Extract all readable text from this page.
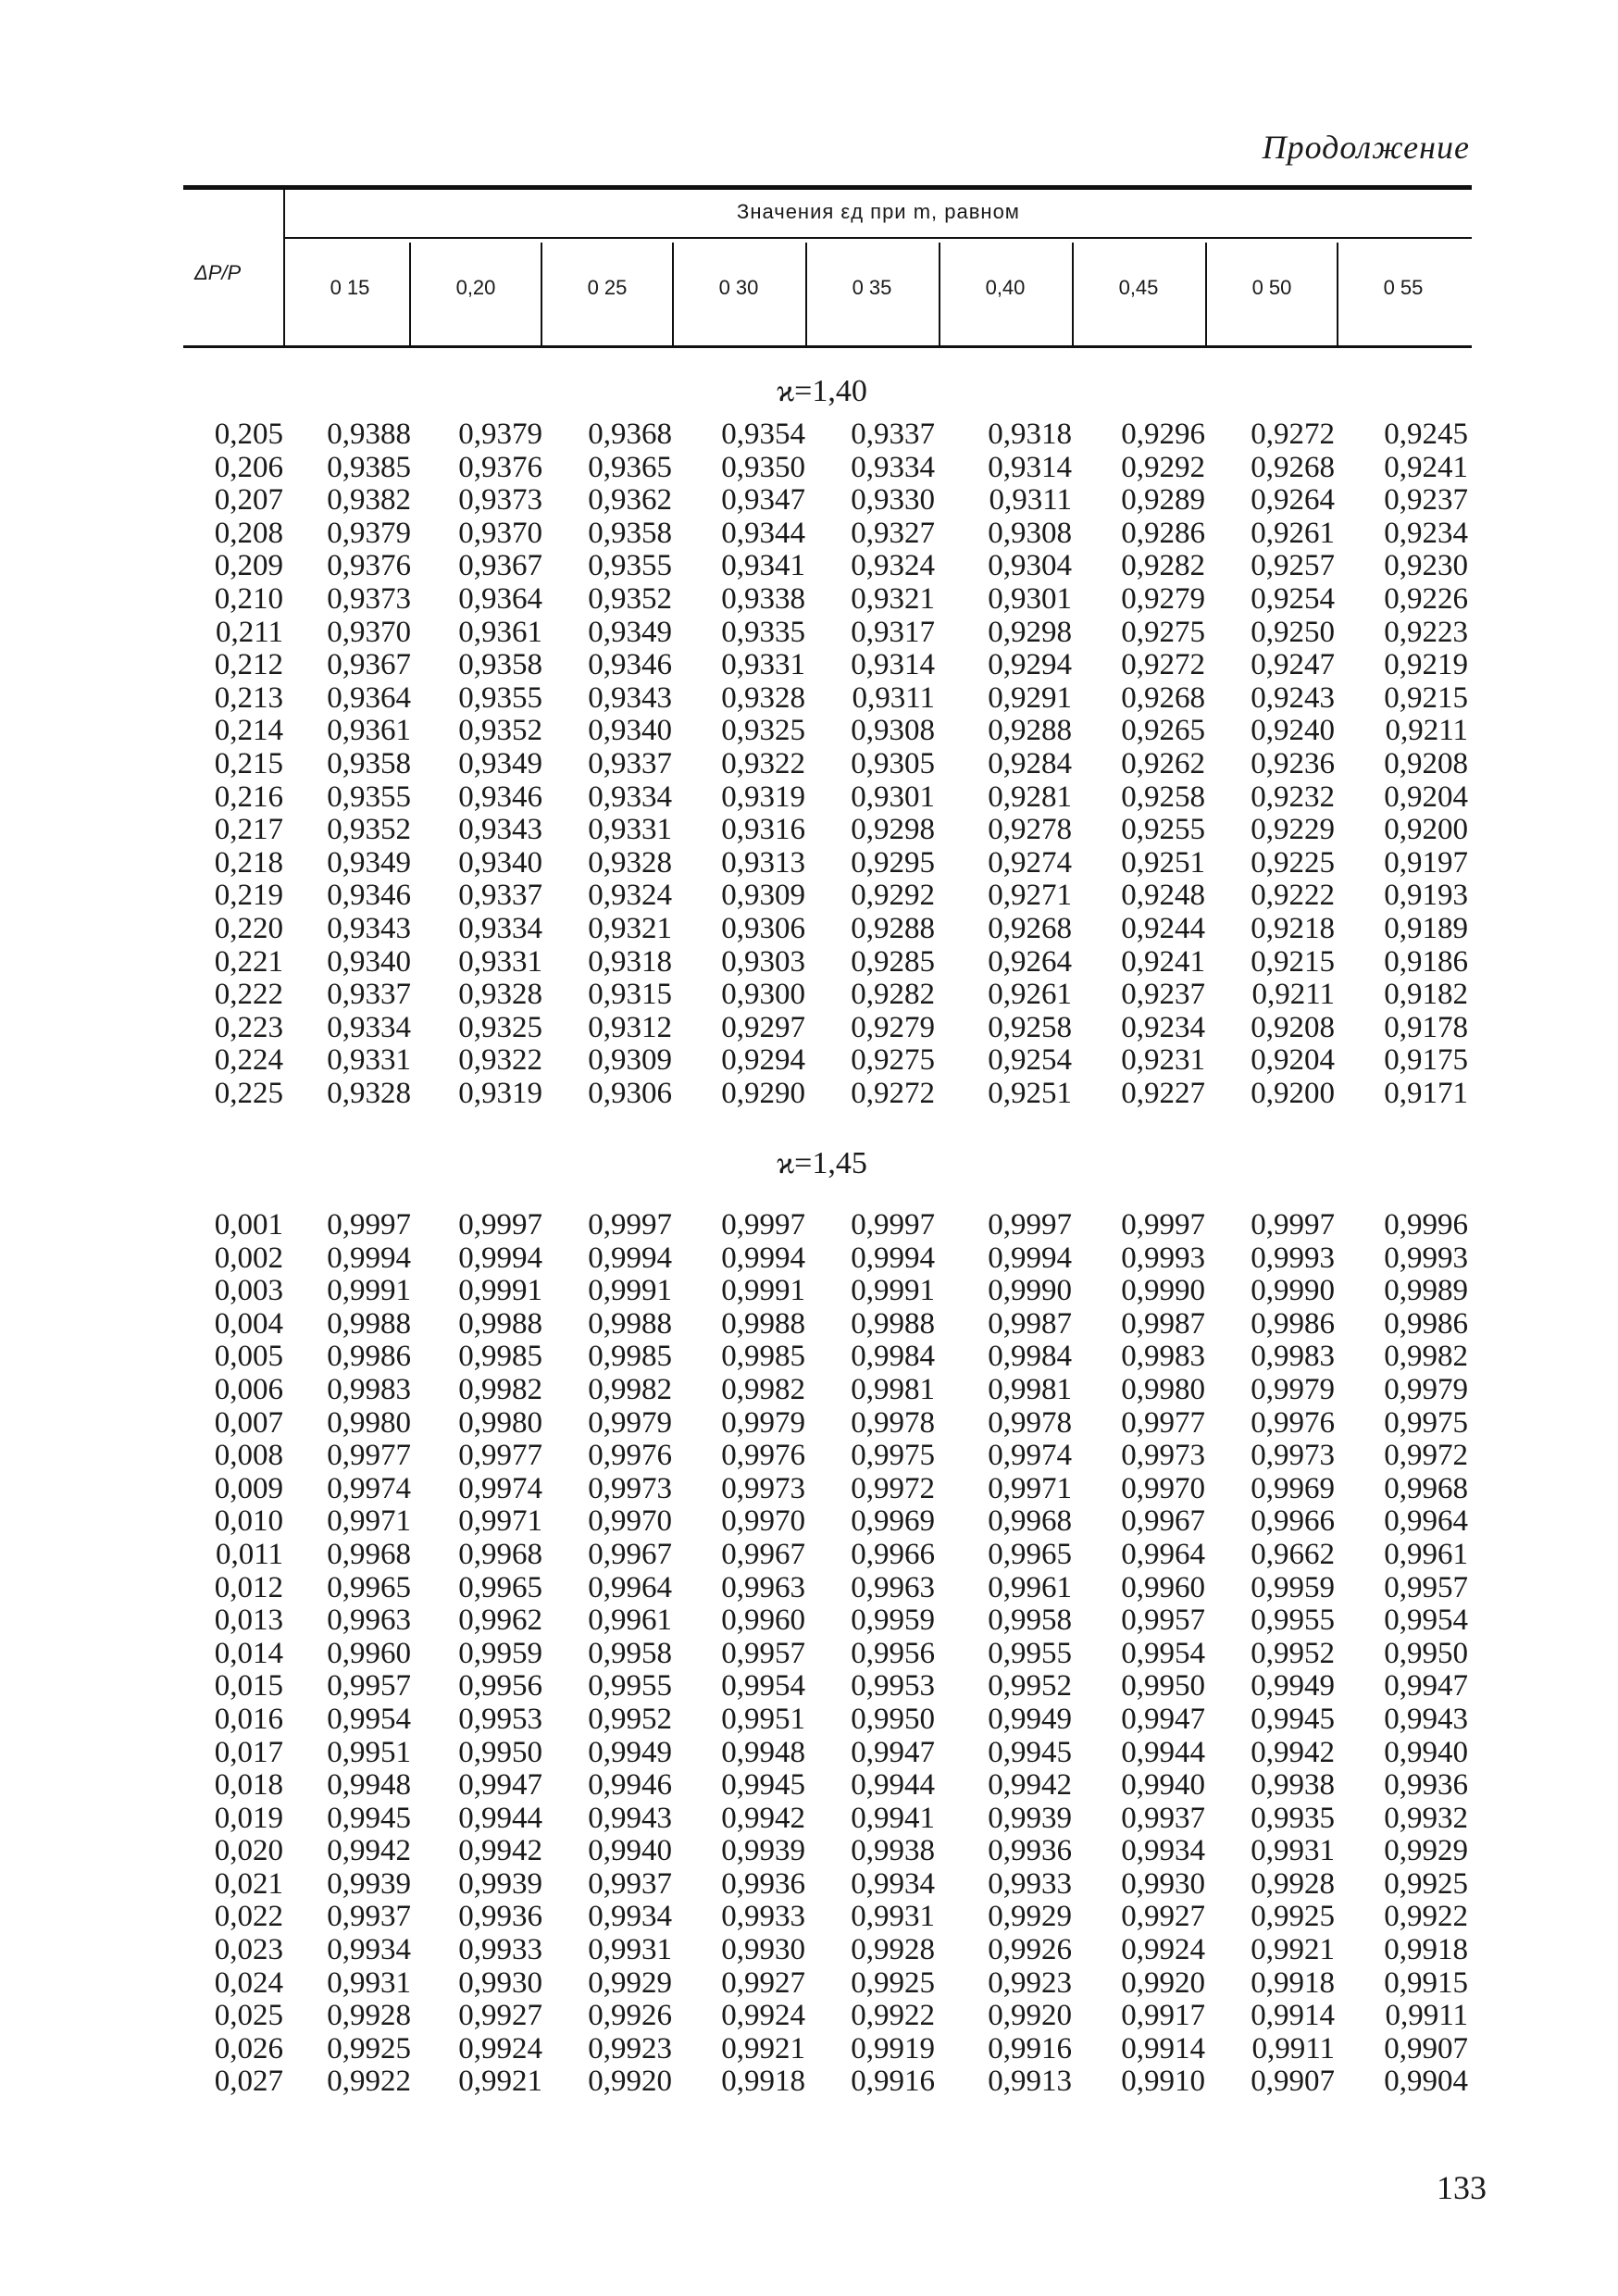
Продолжение
ΔP/P
Значения εд при m, равном
0 15	0,20	0 25	0 30	0 35	0,40	0,45	0 50	0 55
ϰ=1,40
0,205 0,9388 0,9379 0,9368 0,9354 0,9337 0,9318 0,9296 0,9272 0,9245
0,206 0,9385 0,9376 0,9365 0,9350 0,9334 0,9314 0,9292 0,9268 0,9241
0,207 0,9382 0,9373 0,9362 0,9347 0,9330 0,9311 0,9289 0,9264 0,9237
0,208 0,9379 0,9370 0,9358 0,9344 0,9327 0,9308 0,9286 0,9261 0,9234
0,209 0,9376 0,9367 0,9355 0,9341 0,9324 0,9304 0,9282 0,9257 0,9230
0,210 0,9373 0,9364 0,9352 0,9338 0,9321 0,9301 0,9279 0,9254 0,9226
0,211 0,9370 0,9361 0,9349 0,9335 0,9317 0,9298 0,9275 0,9250 0,9223
0,212 0,9367 0,9358 0,9346 0,9331 0,9314 0,9294 0,9272 0,9247 0,9219
0,213 0,9364 0,9355 0,9343 0,9328 0,9311 0,9291 0,9268 0,9243 0,9215
0,214 0,9361 0,9352 0,9340 0,9325 0,9308 0,9288 0,9265 0,9240 0,9211
0,215 0,9358 0,9349 0,9337 0,9322 0,9305 0,9284 0,9262 0,9236 0,9208
0,216 0,9355 0,9346 0,9334 0,9319 0,9301 0,9281 0,9258 0,9232 0,9204
0,217 0,9352 0,9343 0,9331 0,9316 0,9298 0,9278 0,9255 0,9229 0,9200
0,218 0,9349 0,9340 0,9328 0,9313 0,9295 0,9274 0,9251 0,9225 0,9197
0,219 0,9346 0,9337 0,9324 0,9309 0,9292 0,9271 0,9248 0,9222 0,9193
0,220 0,9343 0,9334 0,9321 0,9306 0,9288 0,9268 0,9244 0,9218 0,9189
0,221 0,9340 0,9331 0,9318 0,9303 0,9285 0,9264 0,9241 0,9215 0,9186
0,222 0,9337 0,9328 0,9315 0,9300 0,9282 0,9261 0,9237 0,9211 0,9182
0,223 0,9334 0,9325 0,9312 0,9297 0,9279 0,9258 0,9234 0,9208 0,9178
0,224 0,9331 0,9322 0,9309 0,9294 0,9275 0,9254 0,9231 0,9204 0,9175
0,225 0,9328 0,9319 0,9306 0,9290 0,9272 0,9251 0,9227 0,9200 0,9171
ϰ=1,45
0,001 0,9997 0,9997 0,9997 0,9997 0,9997 0,9997 0,9997 0,9997 0,9996
0,002 0,9994 0,9994 0,9994 0,9994 0,9994 0,9994 0,9993 0,9993 0,9993
0,003 0,9991 0,9991 0,9991 0,9991 0,9991 0,9990 0,9990 0,9990 0,9989
0,004 0,9988 0,9988 0,9988 0,9988 0,9988 0,9987 0,9987 0,9986 0,9986
0,005 0,9986 0,9985 0,9985 0,9985 0,9984 0,9984 0,9983 0,9983 0,9982
0,006 0,9983 0,9982 0,9982 0,9982 0,9981 0,9981 0,9980 0,9979 0,9979
0,007 0,9980 0,9980 0,9979 0,9979 0,9978 0,9978 0,9977 0,9976 0,9975
0,008 0,9977 0,9977 0,9976 0,9976 0,9975 0,9974 0,9973 0,9973 0,9972
0,009 0,9974 0,9974 0,9973 0,9973 0,9972 0,9971 0,9970 0,9969 0,9968
0,010 0,9971 0,9971 0,9970 0,9970 0,9969 0,9968 0,9967 0,9966 0,9964
0,011 0,9968 0,9968 0,9967 0,9967 0,9966 0,9965 0,9964 0,9662 0,9961
0,012 0,9965 0,9965 0,9964 0,9963 0,9963 0,9961 0,9960 0,9959 0,9957
0,013 0,9963 0,9962 0,9961 0,9960 0,9959 0,9958 0,9957 0,9955 0,9954
0,014 0,9960 0,9959 0,9958 0,9957 0,9956 0,9955 0,9954 0,9952 0,9950
0,015 0,9957 0,9956 0,9955 0,9954 0,9953 0,9952 0,9950 0,9949 0,9947
0,016 0,9954 0,9953 0,9952 0,9951 0,9950 0,9949 0,9947 0,9945 0,9943
0,017 0,9951 0,9950 0,9949 0,9948 0,9947 0,9945 0,9944 0,9942 0,9940
0,018 0,9948 0,9947 0,9946 0,9945 0,9944 0,9942 0,9940 0,9938 0,9936
0,019 0,9945 0,9944 0,9943 0,9942 0,9941 0,9939 0,9937 0,9935 0,9932
0,020 0,9942 0,9942 0,9940 0,9939 0,9938 0,9936 0,9934 0,9931 0,9929
0,021 0,9939 0,9939 0,9937 0,9936 0,9934 0,9933 0,9930 0,9928 0,9925
0,022 0,9937 0,9936 0,9934 0,9933 0,9931 0,9929 0,9927 0,9925 0,9922
0,023 0,9934 0,9933 0,9931 0,9930 0,9928 0,9926 0,9924 0,9921 0,9918
0,024 0,9931 0,9930 0,9929 0,9927 0,9925 0,9923 0,9920 0,9918 0,9915
0,025 0,9928 0,9927 0,9926 0,9924 0,9922 0,9920 0,9917 0,9914 0,9911
0,026 0,9925 0,9924 0,9923 0,9921 0,9919 0,9916 0,9914 0,9911 0,9907
0,027 0,9922 0,9921 0,9920 0,9918 0,9916 0,9913 0,9910 0,9907 0,9904
133
